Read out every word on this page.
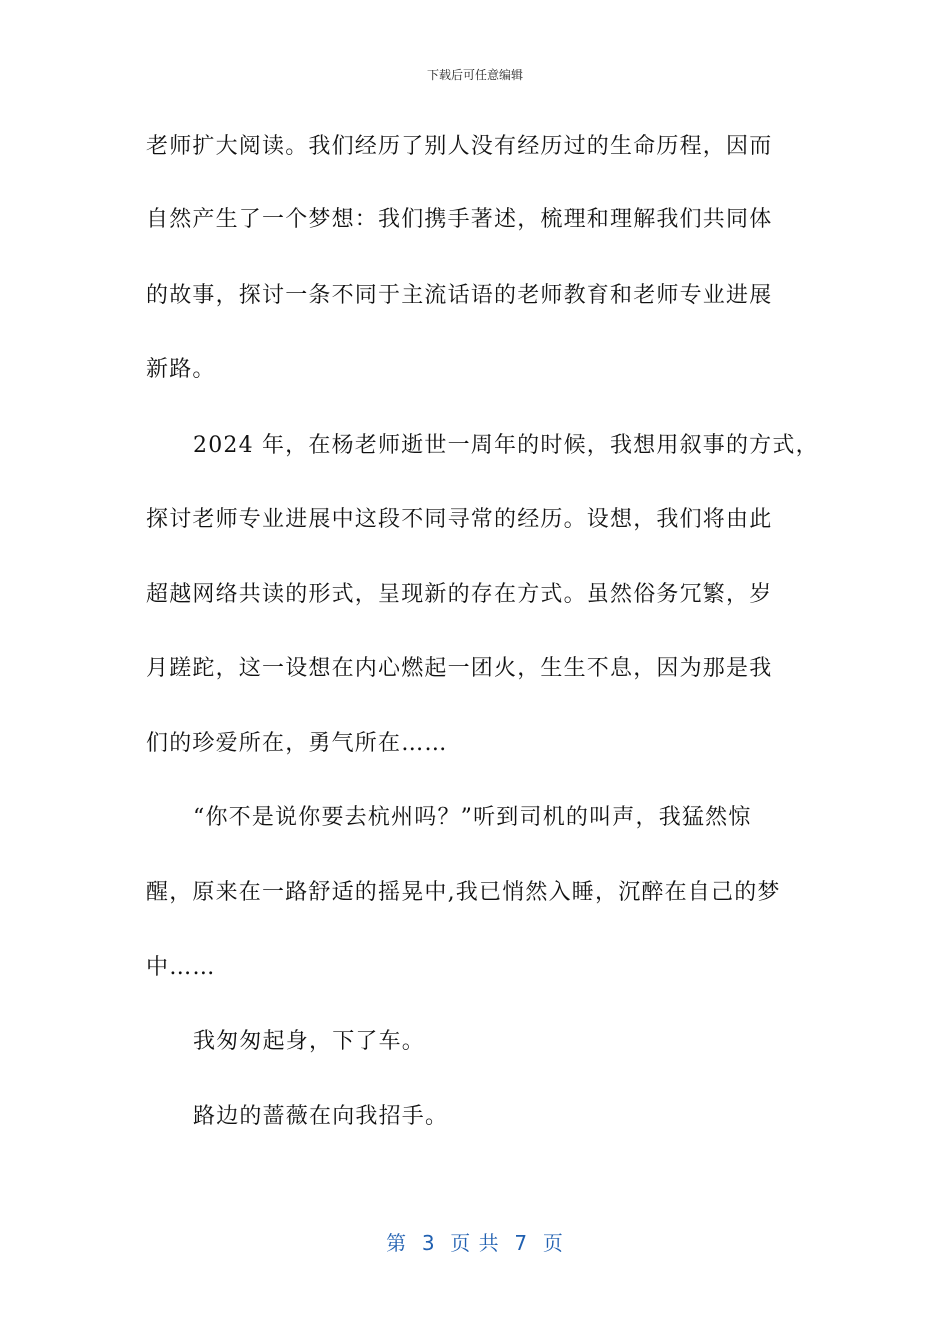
下载后可任意编辑
老师扩大阅读。我们经历了别人没有经历过的生命历程，因而
自然产生了一个梦想：我们携手著述，梳理和理解我们共同体
的故事，探讨一条不同于主流话语的老师教育和老师专业进展
新路。
2024 年，在杨老师逝世一周年的时候，我想用叙事的方式，
探讨老师专业进展中这段不同寻常的经历。设想，我们将由此
超越网络共读的形式，呈现新的存在方式。虽然俗务冗繁，岁
月蹉跎，这一设想在内心燃起一团火，生生不息，因为那是我
们的珍爱所在，勇气所在……
“你不是说你要去杭州吗？”听到司机的叫声，我猛然惊
醒，原来在一路舒适的摇晃中,我已悄然入睡，沉醉在自己的梦
中……
我匆匆起身，下了车。
路边的蔷薇在向我招手。
第  3  页 共  7  页
